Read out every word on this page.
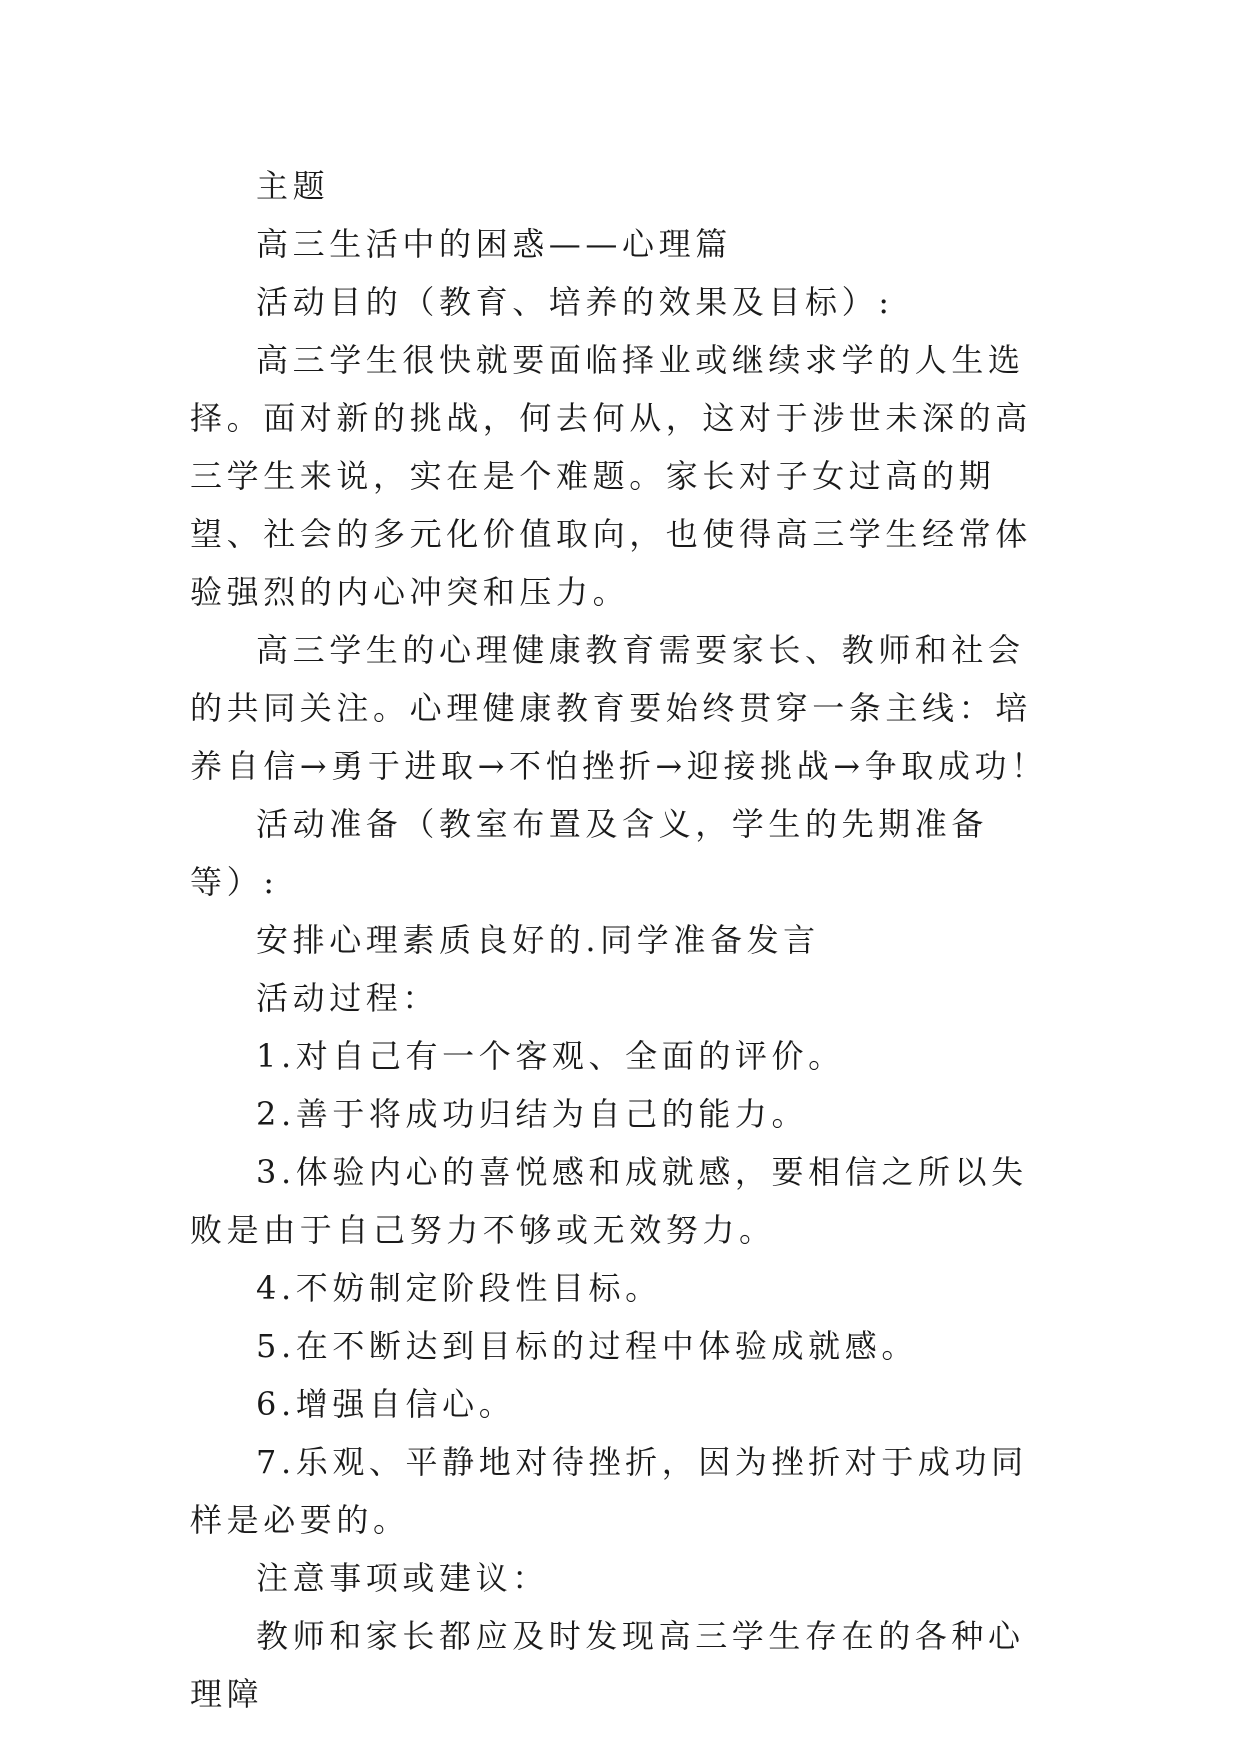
主题

高三生活中的困惑——心理篇

活动目的（教育、培养的效果及目标）:

高三学生很快就要面临择业或继续求学的人生选择。面对新的挑战，何去何从，这对于涉世未深的高三学生来说，实在是个难题。家长对子女过高的期望、社会的多元化价值取向，也使得高三学生经常体验强烈的内心冲突和压力。

高三学生的心理健康教育需要家长、教师和社会的共同关注。心理健康教育要始终贯穿一条主线：培养自信→勇于进取→不怕挫折→迎接挑战→争取成功！

活动准备（教室布置及含义，学生的先期准备等）:

安排心理素质良好的.同学准备发言

活动过程：

1.对自己有一个客观、全面的评价。

2.善于将成功归结为自己的能力。

3.体验内心的喜悦感和成就感，要相信之所以失败是由于自己努力不够或无效努力。

4.不妨制定阶段性目标。

5.在不断达到目标的过程中体验成就感。

6.增强自信心。

7.乐观、平静地对待挫折，因为挫折对于成功同样是必要的。

注意事项或建议：

教师和家长都应及时发现高三学生存在的各种心理障
